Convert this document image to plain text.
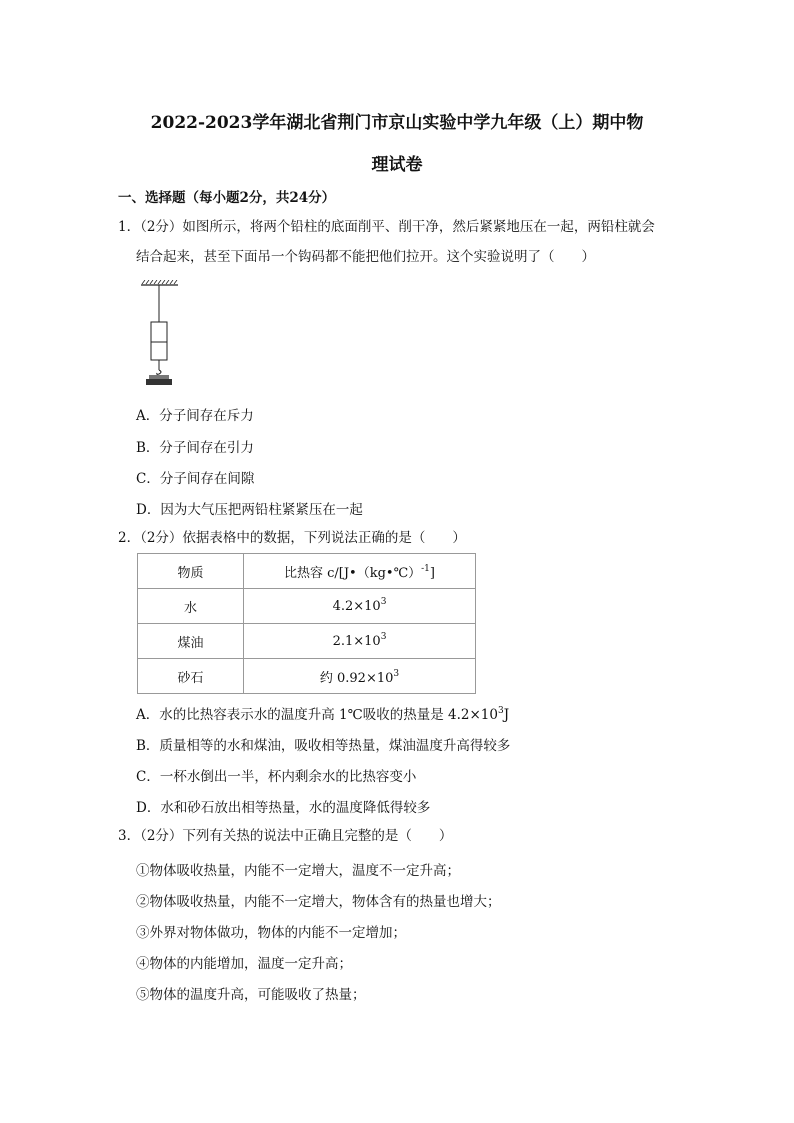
2022-2023学年湖北省荆门市京山实验中学九年级（上）期中物
理试卷
一、选择题（每小题2分，共24分）
1．（2分）如图所示，将两个铅柱的底面削平、削干净，然后紧紧地压在一起，两铅柱就会
结合起来，甚至下面吊一个钩码都不能把他们拉开。这个实验说明了（　　）
A．分子间存在斥力
B．分子间存在引力
C．分子间存在间隙
D．因为大气压把两铅柱紧紧压在一起
2．（2分）依据表格中的数据，下列说法正确的是（　　）
物质	比热容 c/[J•（kg•℃）$^{-1}$]
水	$4.2\times 10^3$
煤油	$2.1\times 10^3$
砂石	约 $0.92\times 10^3$
A．水的比热容表示水的温度升高 1℃吸收的热量是 $4.2\times 10^3J$
B．质量相等的水和煤油，吸收相等热量，煤油温度升高得较多
C．一杯水倒出一半，杯内剩余水的比热容变小
D．水和砂石放出相等热量，水的温度降低得较多
3．（2分）下列有关热的说法中正确且完整的是（　　）
①物体吸收热量，内能不一定增大，温度不一定升高；
②物体吸收热量，内能不一定增大，物体含有的热量也增大；
③外界对物体做功，物体的内能不一定增加；
④物体的内能增加，温度一定升高；
⑤物体的温度升高，可能吸收了热量；
